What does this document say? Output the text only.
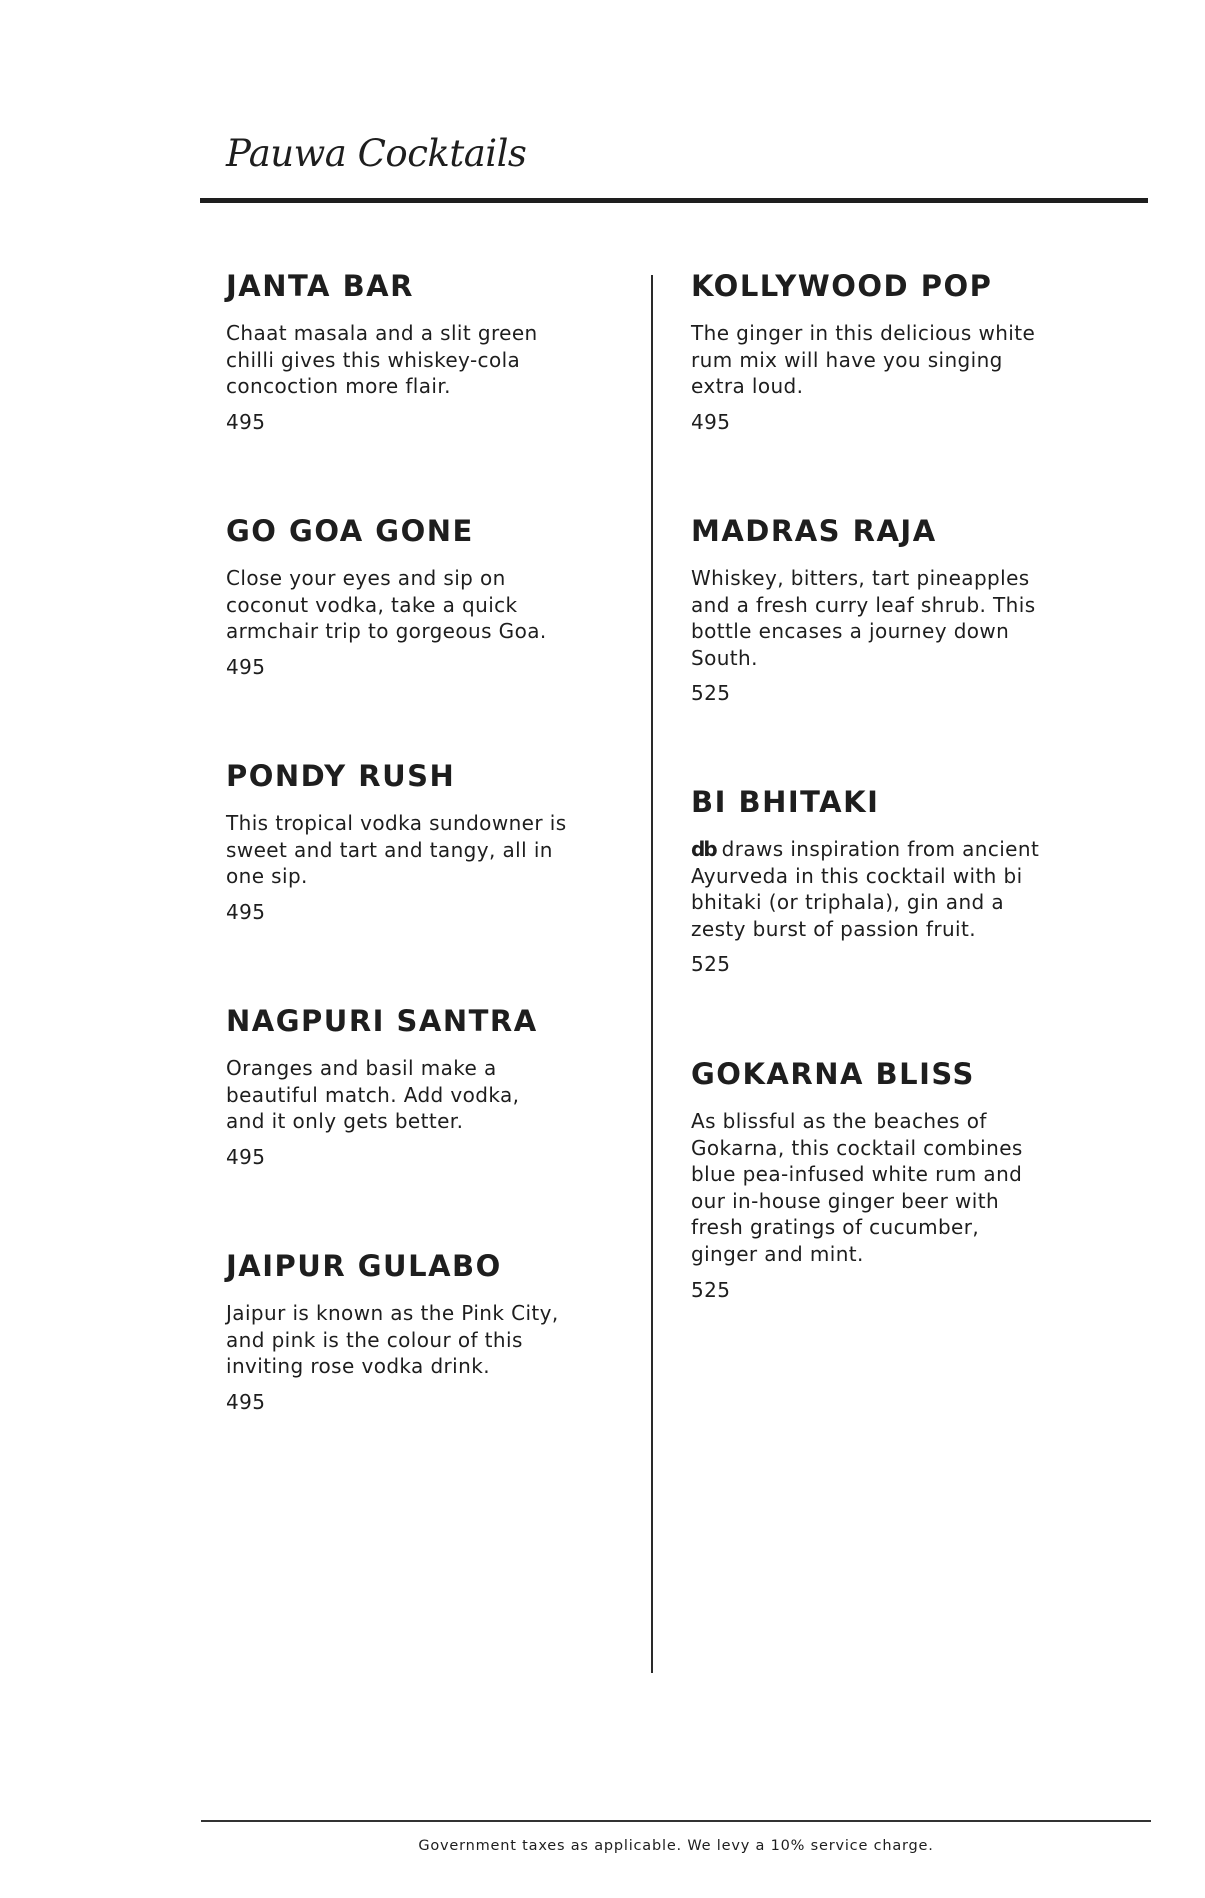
Pauwa Cocktails
JANTA BAR

Chaat masala and a slit green chilli gives this whiskey-cola concoction more flair.

495
GO GOA GONE

Close your eyes and sip on coconut vodka, take a quick armchair trip to gorgeous Goa.

495
PONDY RUSH

This tropical vodka sundowner is sweet and tart and tangy, all in one sip.

495
NAGPURI SANTRA

Oranges and basil make a beautiful match. Add vodka, and it only gets better.

495
JAIPUR GULABO

Jaipur is known as the Pink City, and pink is the colour of this inviting rose vodka drink.

495
KOLLYWOOD POP

The ginger in this delicious white rum mix will have you singing extra loud.

495
MADRAS RAJA

Whiskey, bitters, tart pineapples and a fresh curry leaf shrub. This bottle encases a journey down South.

525
BI BHITAKI

db draws inspiration from ancient Ayurveda in this cocktail with bi bhitaki (or triphala), gin and a zesty burst of passion fruit.

525
GOKARNA BLISS

As blissful as the beaches of Gokarna, this cocktail combines blue pea-infused white rum and our in-house ginger beer with fresh gratings of cucumber, ginger and mint.

525
Government taxes as applicable. We levy a 10% service charge.
